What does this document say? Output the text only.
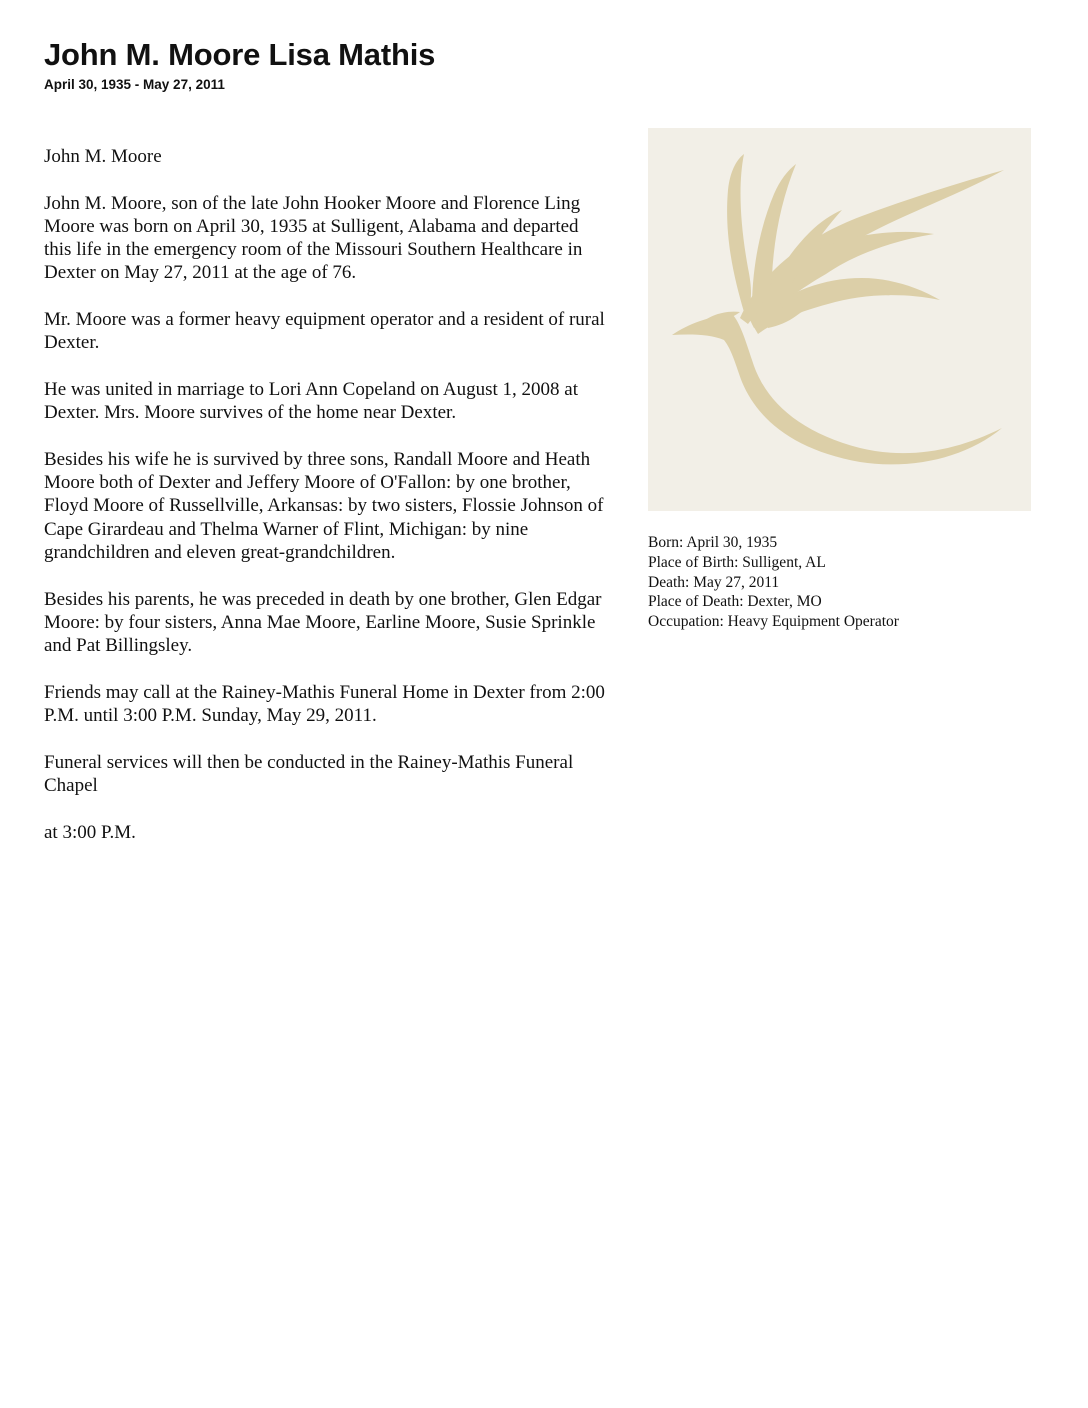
John M. Moore Lisa Mathis
April 30, 1935 - May 27, 2011

John M. Moore

John M. Moore, son of the late John Hooker Moore and Florence Ling Moore was born on April 30, 1935 at Sulligent, Alabama and departed this life in the emergency room of the Missouri Southern Healthcare in Dexter on May 27, 2011 at the age of 76.

Mr. Moore was a former heavy equipment operator and a resident of rural Dexter.

He was united in marriage to Lori Ann Copeland on August 1, 2008 at Dexter. Mrs. Moore survives of the home near Dexter.

Besides his wife he is survived by three sons, Randall Moore and Heath Moore both of Dexter and Jeffery Moore of O'Fallon: by one brother, Floyd Moore of Russellville, Arkansas: by two sisters, Flossie Johnson of Cape Girardeau and Thelma Warner of Flint, Michigan: by nine grandchildren and eleven great-grandchildren.

Besides his parents, he was preceded in death by one brother, Glen Edgar Moore: by four sisters, Anna Mae Moore, Earline Moore, Susie Sprinkle and Pat Billingsley.

Friends may call at the Rainey-Mathis Funeral Home in Dexter from 2:00 P.M. until 3:00 P.M. Sunday, May 29, 2011.

Funeral services will then be conducted in the Rainey-Mathis Funeral Chapel

at 3:00 P.M.

Born: April 30, 1935
Place of Birth: Sulligent, AL
Death: May 27, 2011
Place of Death: Dexter, MO
Occupation: Heavy Equipment Operator
